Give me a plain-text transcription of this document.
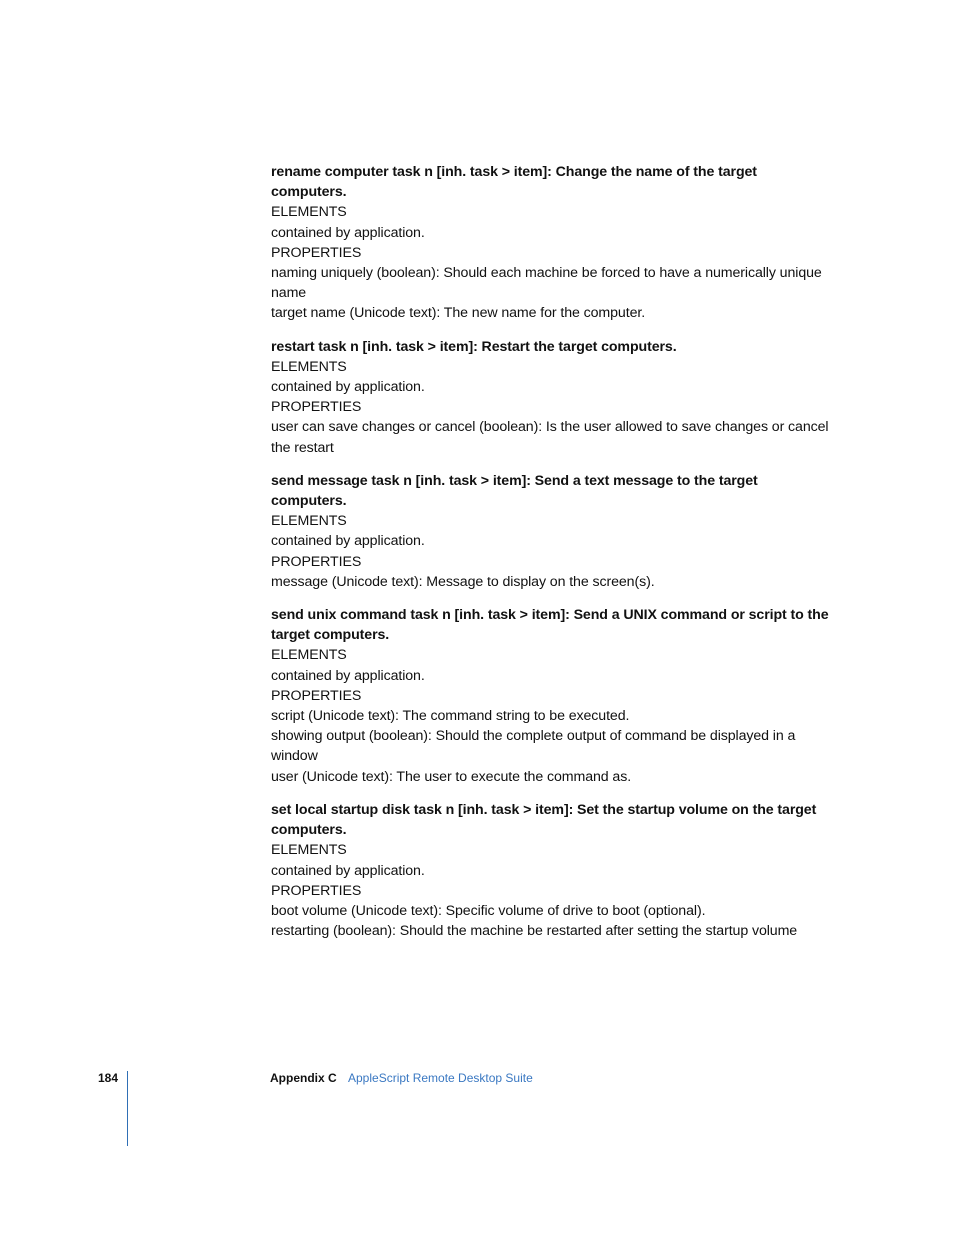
rename computer task n [inh. task > item]: Change the name of the target computers.
ELEMENTS
contained by application.
PROPERTIES
naming uniquely (boolean): Should each machine be forced to have a numerically unique name
target name (Unicode text): The new name for the computer.
restart task n [inh. task > item]: Restart the target computers.
ELEMENTS
contained by application.
PROPERTIES
user can save changes or cancel (boolean): Is the user allowed to save changes or cancel the restart
send message task n [inh. task > item]: Send a text message to the target computers.
ELEMENTS
contained by application.
PROPERTIES
message (Unicode text): Message to display on the screen(s).
send unix command task n [inh. task > item]: Send a UNIX command or script to the target computers.
ELEMENTS
contained by application.
PROPERTIES
script (Unicode text): The command string to be executed.
showing output (boolean): Should the complete output of command be displayed in a window
user (Unicode text): The user to execute the command as.
set local startup disk task n [inh. task > item]: Set the startup volume on the target computers.
ELEMENTS
contained by application.
PROPERTIES
boot volume (Unicode text): Specific volume of drive to boot (optional).
restarting (boolean): Should the machine be restarted after setting the startup volume
184	Appendix C AppleScript Remote Desktop Suite
